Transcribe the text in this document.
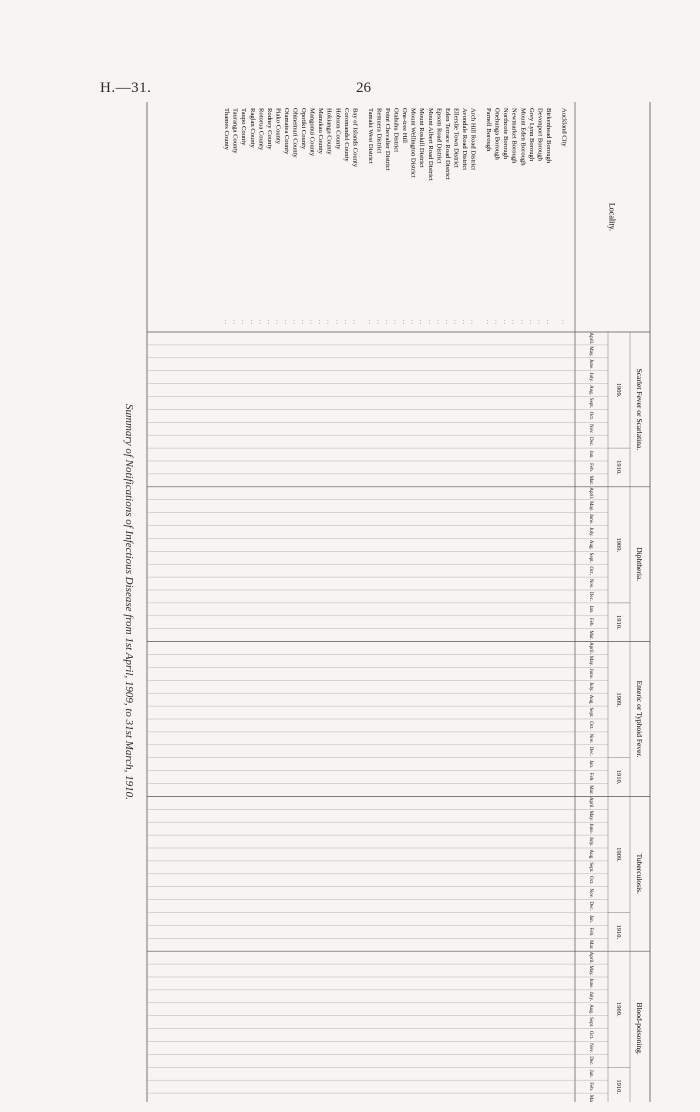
H.—31.	26
Locality.
Scarlet Fever or Scarlatina.
1909.
1910.
April.
May.
June.
July.
Aug.
Sept.
Oct.
Nov.
Dec.
Jan.
Feb.
Mar.
Diphtheria.
1909.
1910.
April.
May.
June.
July.
Aug.
Sept.
Oct.
Nov.
Dec.
Jan.
Feb.
Mar.
Enteric or Typhoid Fever.
1909.
1910.
April.
May.
June.
July.
Aug.
Sept.
Oct.
Nov.
Dec.
Jan.
Feb.
Mar.
Tuberculosis.
1909.
1910.
April.
May.
June.
July.
Aug.
Sept.
Oct.
Nov.
Dec.
Jan.
Feb.
Mar.
Blood-poisoning.
1909.
1910.
April.
May.
June.
July.
Aug.
Sept.
Oct.
Nov.
Dec.
Jan.
Feb.
Mar.
Auckland City
. .
Birkenhead Borough
. .
Devonport Borough
. .
Grey Lynn Borough
. .
Mount Eden Borough
. .
Newmarket Borough
. .
Northcote Borough
. .
Onehunga Borough
. .
Parnell Borough
. .
Arch Hill Road District
. .
Avondale Road District
. .
Ellerslie Town District
. .
Eden Terrace Road District
. .
Epsom Road District
. .
Mount Albert Road District
. .
Mount Roskill District
. .
Mount Wellington District
. .
One-tree Hill
. .
Otahuhu District
. .
Point Chevalier District
. .
Remuera District
. .
Tamaki West District
. .
Bay of Islands County
. .
Coromandel County
. .
Hobson County
. .
Hokianga County
. .
Manukau County
. .
Mangonui County
. .
Opotiki County
. .
Ohinemuri County
. .
Otamatea County
. .
Piako County
. .
Rodney County
. .
Rotorua County
. .
Raglan County
. .
Taupo County
. .
Tauranga County
. .
Thames County
. .
Summary of Notifications of Infectious Disease from 1st April, 1909, to 31st March, 1910.
